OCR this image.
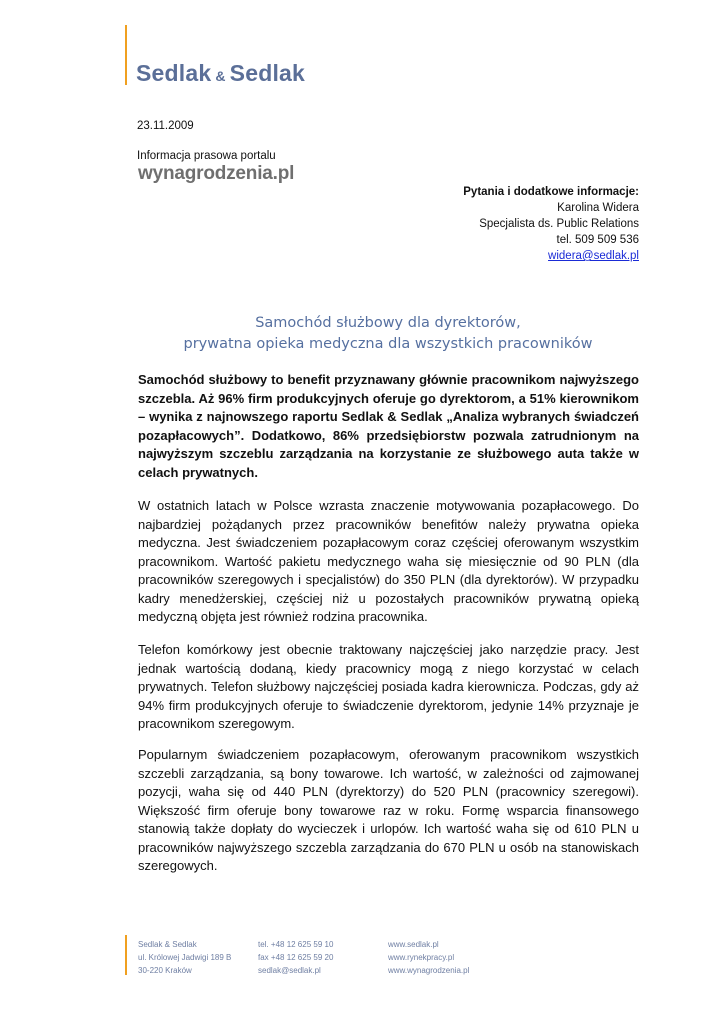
Sedlak & Sedlak
23.11.2009
Informacja prasowa portalu
wynagrodzenia.pl
Pytania i dodatkowe informacje:
Karolina Widera
Specjalista ds. Public Relations
tel. 509 509 536
widera@sedlak.pl
Samochód służbowy dla dyrektorów,
prywatna opieka medyczna dla wszystkich pracowników
Samochód służbowy to benefit przyznawany głównie pracownikom najwyższego szczebla. Aż 96% firm produkcyjnych oferuje go dyrektorom, a 51% kierownikom – wynika z najnowszego raportu Sedlak & Sedlak „Analiza wybranych świadczeń pozapłacowych”. Dodatkowo, 86% przedsiębiorstw pozwala zatrudnionym na najwyższym szczeblu zarządzania na korzystanie ze służbowego auta także w celach prywatnych.
W ostatnich latach w Polsce wzrasta znaczenie motywowania pozapłacowego. Do najbardziej pożądanych przez pracowników benefitów należy prywatna opieka medyczna. Jest świadczeniem pozapłacowym coraz częściej oferowanym wszystkim pracownikom. Wartość pakietu medycznego waha się miesięcznie od 90 PLN (dla pracowników szeregowych i specjalistów) do 350 PLN (dla dyrektorów). W przypadku kadry menedżerskiej, częściej niż u pozostałych pracowników prywatną opieką medyczną objęta jest również rodzina pracownika.
Telefon komórkowy jest obecnie traktowany najczęściej jako narzędzie pracy. Jest jednak wartością dodaną, kiedy pracownicy mogą z niego korzystać w celach prywatnych. Telefon służbowy najczęściej posiada kadra kierownicza. Podczas, gdy aż 94% firm produkcyjnych oferuje to świadczenie dyrektorom, jedynie 14% przyznaje je pracownikom szeregowym.
Popularnym świadczeniem pozapłacowym, oferowanym pracownikom wszystkich szczebli zarządzania, są bony towarowe. Ich wartość, w zależności od zajmowanej pozycji, waha się od 440 PLN (dyrektorzy) do 520 PLN (pracownicy szeregowi). Większość firm oferuje bony towarowe raz w roku. Formę wsparcia finansowego stanowią także dopłaty do wycieczek i urlopów. Ich wartość waha się od 610 PLN u pracowników najwyższego szczebla zarządzania do 670 PLN u osób na stanowiskach szeregowych.
Sedlak & Sedlak
ul. Królowej Jadwigi 189 B
30-220 Kraków
tel. +48 12 625 59 10
fax +48 12 625 59 20
sedlak@sedlak.pl
www.sedlak.pl
www.rynekpracy.pl
www.wynagrodzenia.pl
